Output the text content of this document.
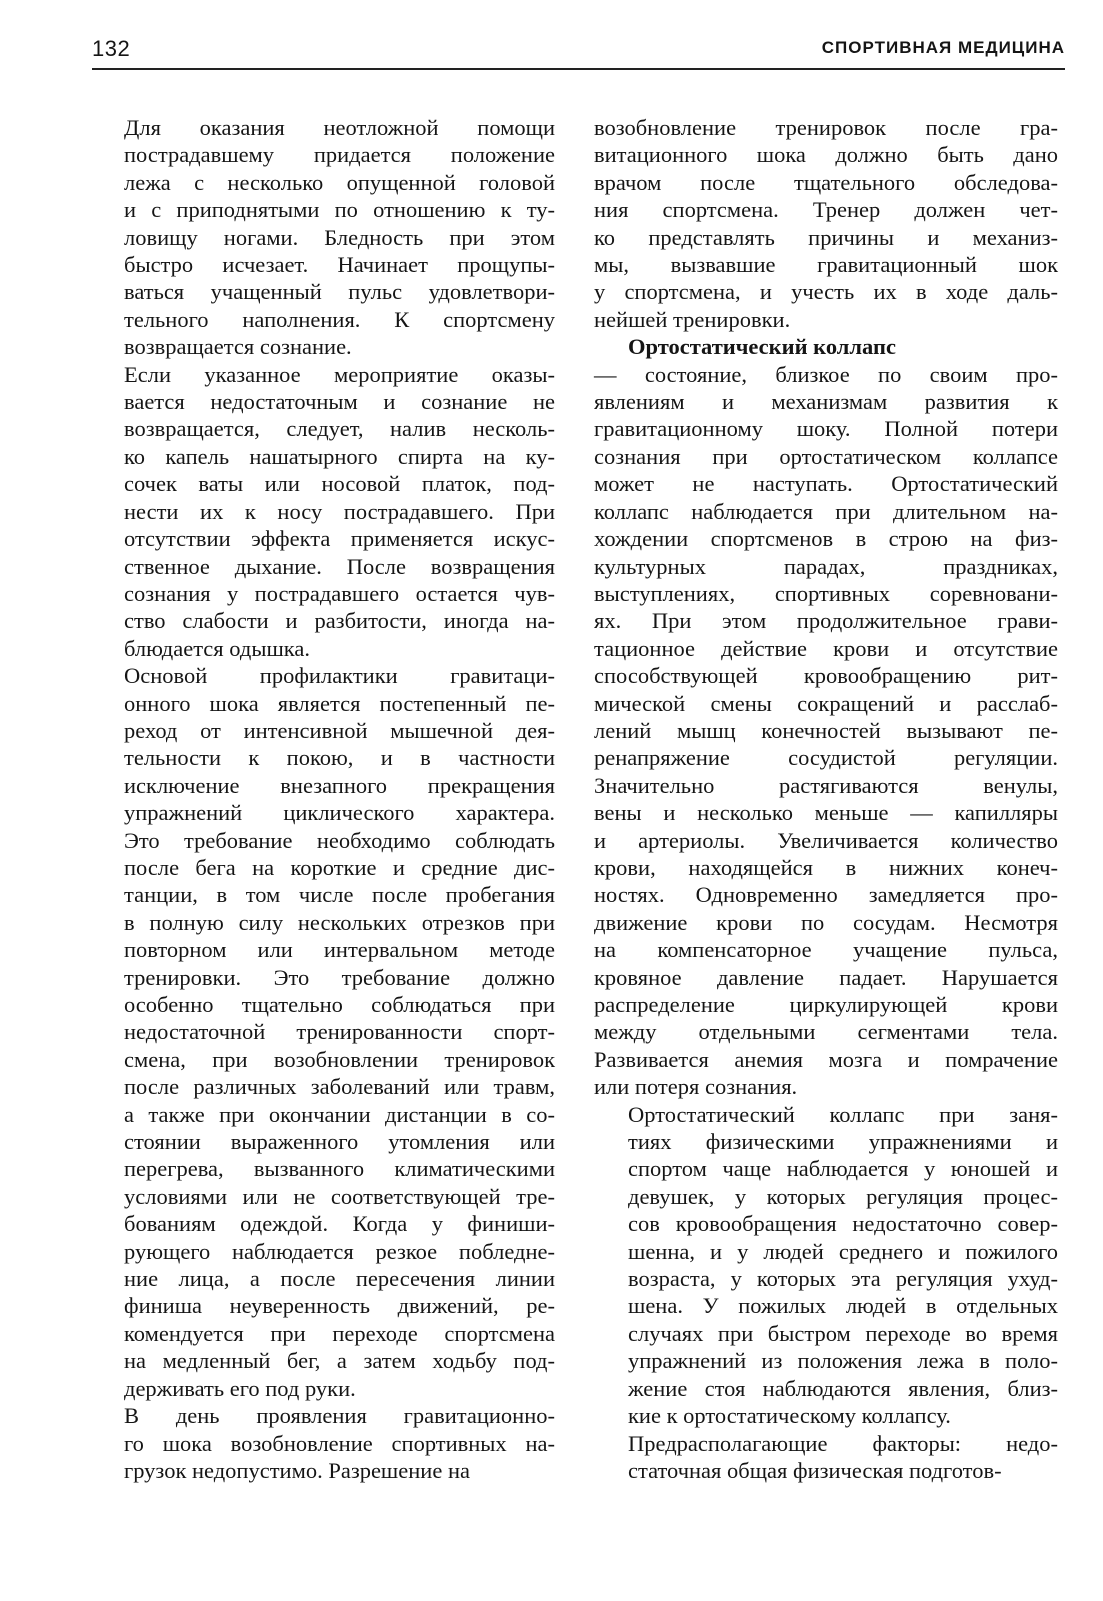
132	СПОРТИВНАЯ МЕДИЦИНА

Для оказания неотложной помощи
пострадавшему придается положение
лежа с несколько опущенной головой
и с приподнятыми по отношению к ту-
ловищу ногами. Бледность при этом
быстро исчезает. Начинает прощупы-
ваться учащенный пульс удовлетвори-
тельного наполнения. К спортсмену
возвращается сознание.

Если указанное мероприятие оказы-
вается недостаточным и сознание не
возвращается, следует, налив несколь-
ко капель нашатырного спирта на ку-
сочек ваты или носовой платок, под-
нести их к носу пострадавшего. При
отсутствии эффекта применяется искус-
ственное дыхание. После возвращения
сознания у пострадавшего остается чув-
ство слабости и разбитости, иногда на-
блюдается одышка.

Основой профилактики гравитаци-
онного шока является постепенный пе-
реход от интенсивной мышечной дея-
тельности к покою, и в частности
исключение внезапного прекращения
упражнений циклического характера.
Это требование необходимо соблюдать
после бега на короткие и средние дис-
танции, в том числе после пробегания
в полную силу нескольких отрезков при
повторном или интервальном методе
тренировки. Это требование должно
особенно тщательно соблюдаться при
недостаточной тренированности спорт-
смена, при возобновлении тренировок
после различных заболеваний или травм,
а также при окончании дистанции в со-
стоянии выраженного утомления или
перегрева, вызванного климатическими
условиями или не соответствующей тре-
бованиям одеждой. Когда у финиши-
рующего наблюдается резкое побледне-
ние лица, а после пересечения линии
финиша неуверенность движений, ре-
комендуется при переходе спортсмена
на медленный бег, а затем ходьбу под-
держивать его под руки.

В день проявления гравитационно-
го шока возобновление спортивных на-
грузок недопустимо. Разрешение на

возобновление тренировок после гра-
витационного шока должно быть дано
врачом после тщательного обследова-
ния спортсмена. Тренер должен чет-
ко представлять причины и механиз-
мы, вызвавшие гравитационный шок
у спортсмена, и учесть их в ходе даль-
нейшей тренировки.

Ортостатический коллапс

— состояние, близкое по своим про-
явлениям и механизмам развития к
гравитационному шоку. Полной потери
сознания при ортостатическом коллапсе
может не наступать. Ортостатический
коллапс наблюдается при длительном на-
хождении спортсменов в строю на физ-
культурных парадах, праздниках,
выступлениях, спортивных соревновани-
ях. При этом продолжительное грави-
тационное действие крови и отсутствие
способствующей кровообращению рит-
мической смены сокращений и расслаб-
лений мышц конечностей вызывают пе-
ренапряжение сосудистой регуляции.
Значительно растягиваются венулы,
вены и несколько меньше — капилляры
и артериолы. Увеличивается количество
крови, находящейся в нижних конеч-
ностях. Одновременно замедляется про-
движение крови по сосудам. Несмотря
на компенсаторное учащение пульса,
кровяное давление падает. Нарушается
распределение циркулирующей крови
между отдельными сегментами тела.
Развивается анемия мозга и помрачение
или потеря сознания.

Ортостатический коллапс при заня-
тиях физическими упражнениями и
спортом чаще наблюдается у юношей и
девушек, у которых регуляция процес-
сов кровообращения недостаточно совер-
шенна, и у людей среднего и пожилого
возраста, у которых эта регуляция ухуд-
шена. У пожилых людей в отдельных
случаях при быстром переходе во время
упражнений из положения лежа в поло-
жение стоя наблюдаются явления, близ-
кие к ортостатическому коллапсу.

Предрасполагающие факторы: недо-
статочная общая физическая подготов-
